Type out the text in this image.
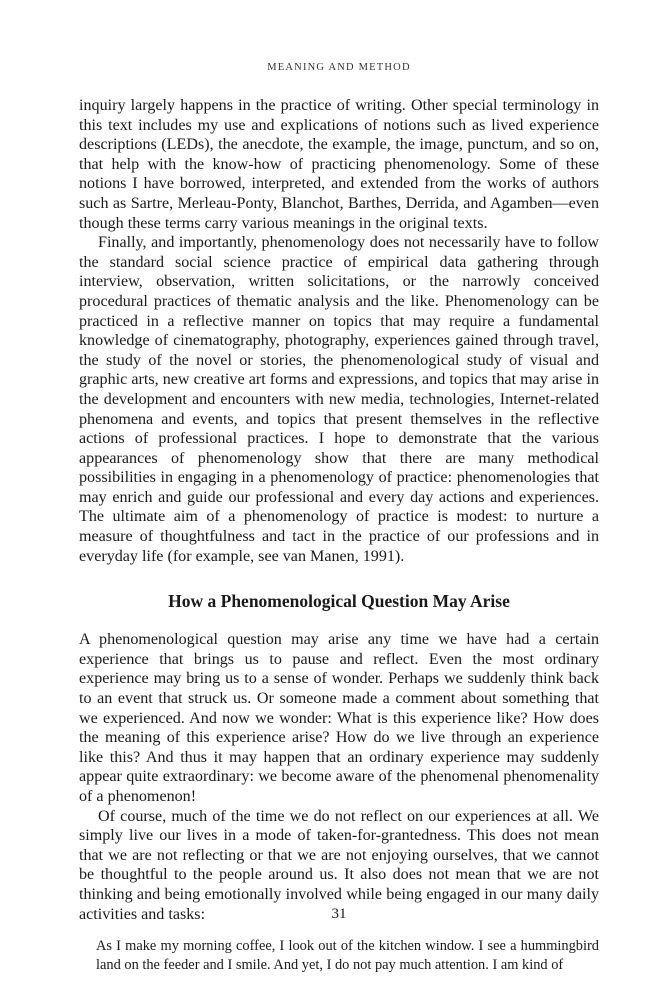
MEANING AND METHOD

inquiry largely happens in the practice of writing. Other special terminology in this text includes my use and explications of notions such as lived experience descriptions (LEDs), the anecdote, the example, the image, punctum, and so on, that help with the know-how of practicing phenomenology. Some of these notions I have borrowed, interpreted, and extended from the works of authors such as Sartre, Merleau-Ponty, Blanchot, Barthes, Derrida, and Agamben—even though these terms carry various meanings in the original texts.

Finally, and importantly, phenomenology does not necessarily have to follow the standard social science practice of empirical data gathering through interview, observation, written solicitations, or the narrowly conceived procedural practices of thematic analysis and the like. Phenomenology can be practiced in a reflective manner on topics that may require a fundamental knowledge of cinematography, photography, experiences gained through travel, the study of the novel or stories, the phenomenological study of visual and graphic arts, new creative art forms and expressions, and topics that may arise in the development and encounters with new media, technologies, Internet-related phenomena and events, and topics that present themselves in the reflective actions of professional practices. I hope to demonstrate that the various appearances of phenomenology show that there are many methodical possibilities in engaging in a phenomenology of practice: phenomenologies that may enrich and guide our professional and every day actions and experiences. The ultimate aim of a phenomenology of practice is modest: to nurture a measure of thoughtfulness and tact in the practice of our professions and in everyday life (for example, see van Manen, 1991).

How a Phenomenological Question May Arise

A phenomenological question may arise any time we have had a certain experience that brings us to pause and reflect. Even the most ordinary experience may bring us to a sense of wonder. Perhaps we suddenly think back to an event that struck us. Or someone made a comment about something that we experienced. And now we wonder: What is this experience like? How does the meaning of this experience arise? How do we live through an experience like this? And thus it may happen that an ordinary experience may suddenly appear quite extraordinary: we become aware of the phenomenal phenomenality of a phenomenon!

Of course, much of the time we do not reflect on our experiences at all. We simply live our lives in a mode of taken-for-grantedness. This does not mean that we are not reflecting or that we are not enjoying ourselves, that we cannot be thoughtful to the people around us. It also does not mean that we are not thinking and being emotionally involved while being engaged in our many daily activities and tasks:

As I make my morning coffee, I look out of the kitchen window. I see a hummingbird land on the feeder and I smile. And yet, I do not pay much attention. I am kind of
31
